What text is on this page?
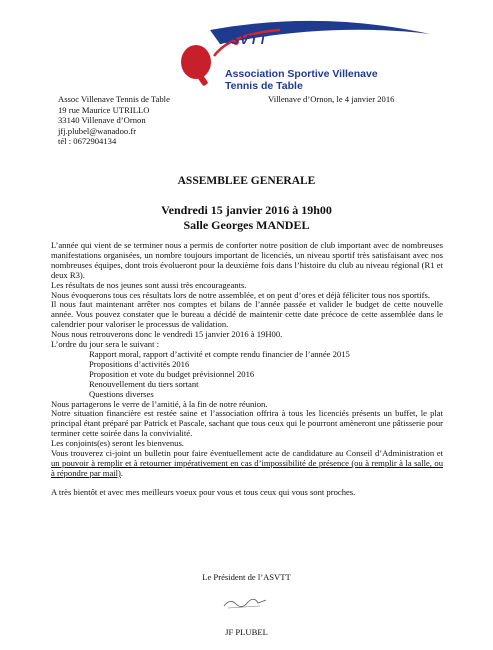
ASVTT
Association Sportive Villenave
Tennis de Table
Assoc Villenave Tennis de Table
19 rue Maurice UTRILLO
33140 Villenave d’Ornon
jfj.plubel@wanadoo.fr
tél : 0672904134
Villenave d’Ornon, le 4 janvier 2016
ASSEMBLEE GENERALE
Vendredi 15 janvier 2016 à 19h00
Salle Georges MANDEL

L’année qui vient de se terminer nous a permis de conforter notre position de club important avec de nombreuses manifestations organisées, un nombre toujours important de licenciés, un niveau sportif très satisfaisant avec nos nombreuses équipes, dont trois évolueront pour la deuxième fois dans l’histoire du club au niveau régional (R1 et deux R3).

Les résultats de nos jeunes sont aussi très encourageants.

Nous évoquerons tous ces résultats lors de notre assemblée, et on peut d’ores et déjà féliciter tous nos sportifs.

Il nous faut maintenant arrêter nos comptes et bilans de l’année passée et valider le budget de cette nouvelle année. Vous pouvez constater que le bureau a décidé de maintenir cette date précoce de cette assemblée dans le calendrier pour valoriser le processus de validation.

Nous nous retrouverons donc le vendredi 15 janvier 2016 à 19H00.

L’ordre du jour sera le suivant :

Rapport moral, rapport d’activité et compte rendu financier de l’année 2015

Propositions d’activités 2016

Proposition et vote du budget prévisionnel 2016

Renouvellement du tiers sortant

Questions diverses

Nous partagerons le verre de l’amitié, à la fin de notre réunion.

Notre situation financière est restée saine et l’association offrira à tous les licenciés présents un buffet, le plat principal étant préparé par Patrick et Pascale, sachant que tous ceux qui le pourront amèneront une pâtisserie pour terminer cette soirée dans la convivialité.

Les conjoints(es) seront les bienvenus.

Vous trouverez ci-joint un bulletin pour faire éventuellement acte de candidature au Conseil d’Administration et un pouvoir à remplir et à retourner impérativement en cas d’impossibilité de présence (ou à remplir à la salle, ou à répondre par mail).

A très bientôt et avec mes meilleurs voeux pour vous et tous ceux qui vous sont proches.

Le Président de l’ASVTT
JF PLUBEL
